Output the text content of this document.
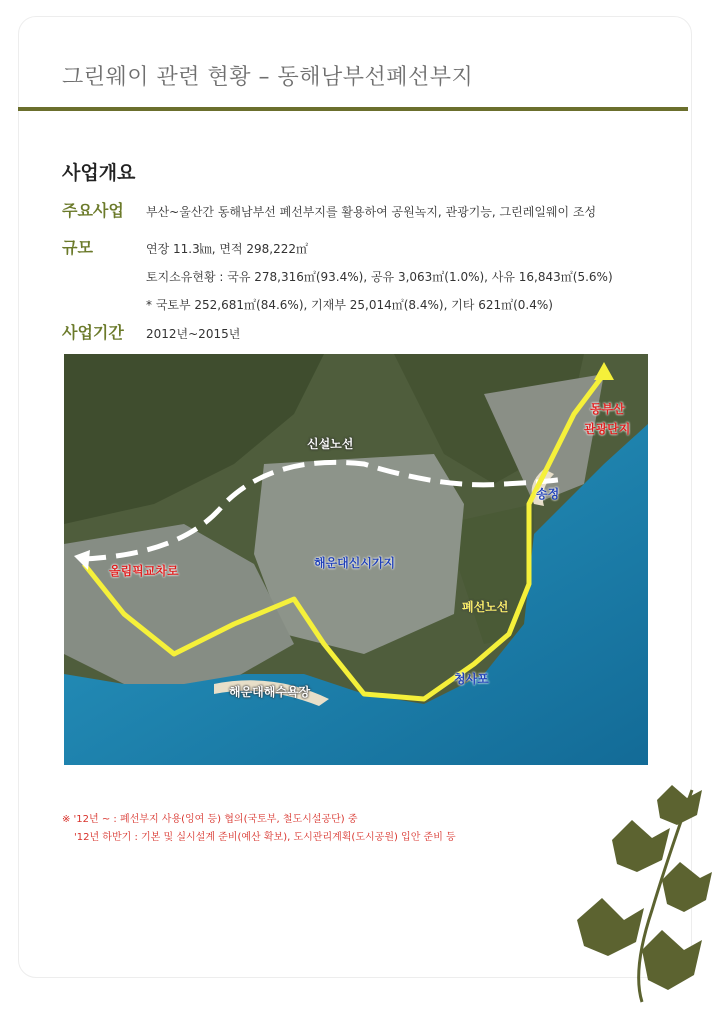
그린웨이 관련 현황 – 동해남부선폐선부지
사업개요
주요사업 부산~울산간 동해남부선 폐선부지를 활용하여 공원녹지, 관광기능, 그린레일웨이 조성
규모	연장 11.3㎞, 면적 298,222㎡
토지소유현황 : 국유 278,316㎡(93.4%), 공유 3,063㎡(1.0%), 사유 16,843㎡(5.6%)
* 국토부 252,681㎡(84.6%), 기재부 25,014㎡(8.4%), 기타 621㎡(0.4%)
사업기간 2012년~2015년
신설노선
동부산
관광단지
송정
올림픽교차로
해운대신시가지
폐선노선
청사포
해운대해수욕장
※ '12년 ~ : 폐선부지 사용(잉여 등) 협의(국토부, 철도시설공단) 중
'12년 하반기 : 기본 및 실시설계 준비(예산 확보), 도시관리계획(도시공원) 입안 준비 등
